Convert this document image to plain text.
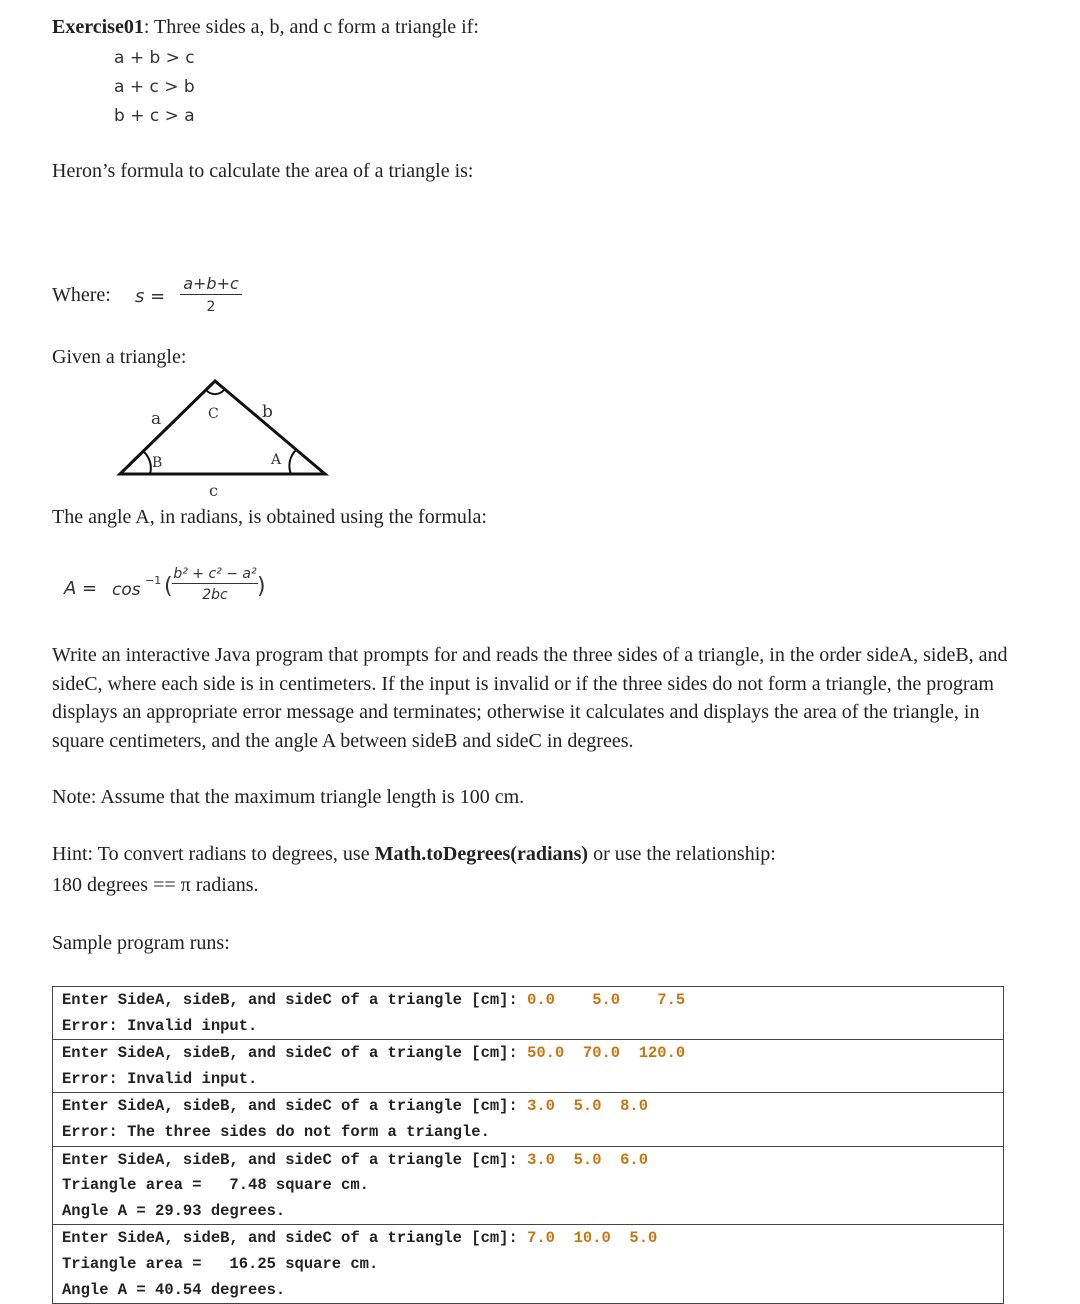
Exercise01: Three sides a, b, and c form a triangle if:
a + b > c
a + c > b
b + c > a
Heron’s formula to calculate the area of a triangle is:
Where: $s = \frac{a+b+c}{2}$
Given a triangle:
a	b
c
C
B	A
The angle A, in radians, is obtained using the formula:
A = cos −1 ( $\frac{\text{b² + c² − a²}}{2bc}$ )
Write an interactive Java program that prompts for and reads the three sides of a triangle, in the order sideA, sideB, and sideC, where each side is in centimeters. If the input is invalid or if the three sides do not form a triangle, the program displays an appropriate error message and terminates; otherwise it calculates and displays the area of the triangle, in square centimeters, and the angle A between sideB and sideC in degrees.
Note: Assume that the maximum triangle length is 100 cm.
Hint: To convert radians to degrees, use Math.toDegrees(radians) or use the relationship:
180 degrees == π radians.
Sample program runs:
Enter SideA, sideB, and sideC of a triangle [cm]: 0.0    5.0    7.5
Error: Invalid input.
Enter SideA, sideB, and sideC of a triangle [cm]: 50.0  70.0  120.0
Error: Invalid input.
Enter SideA, sideB, and sideC of a triangle [cm]: 3.0  5.0  8.0
Error: The three sides do not form a triangle.
Enter SideA, sideB, and sideC of a triangle [cm]: 3.0  5.0  6.0
Triangle area =   7.48 square cm.
Angle A = 29.93 degrees.
Enter SideA, sideB, and sideC of a triangle [cm]: 7.0  10.0  5.0
Triangle area =   16.25 square cm.
Angle A = 40.54 degrees.
